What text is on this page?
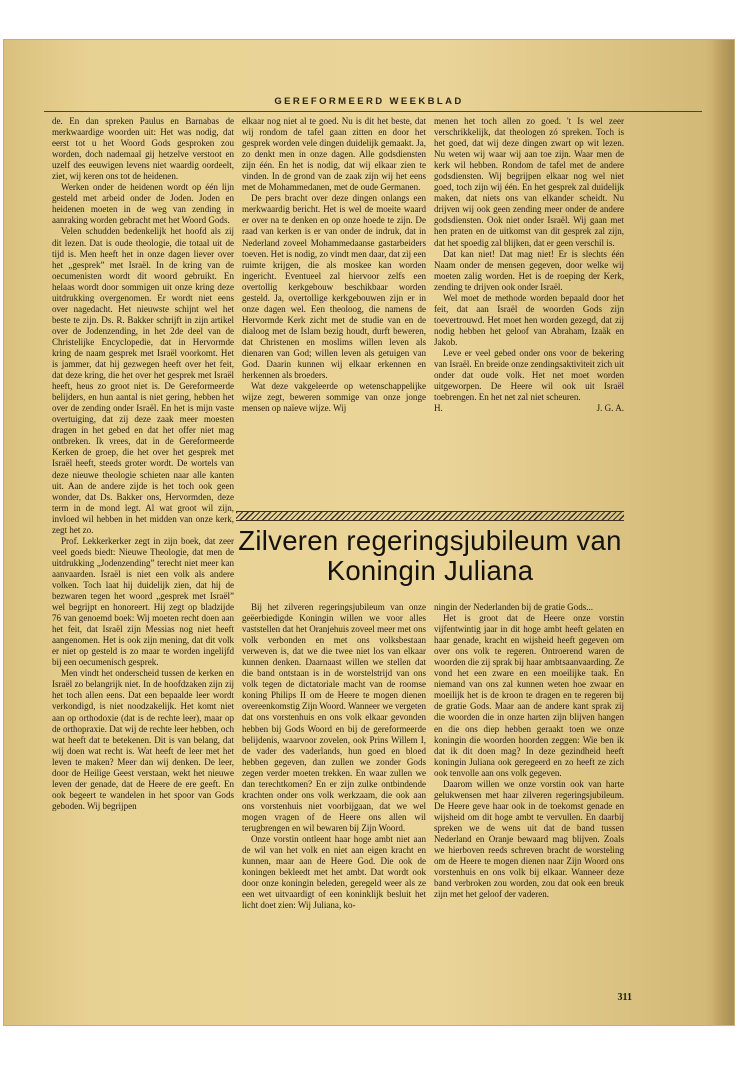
GEREFORMEERD WEEKBLAD

de. En dan spreken Paulus en Barnabas de merkwaardige woorden uit: Het was nodig, dat eerst tot u het Woord Gods gesproken zou worden, doch nademaal gij hetzelve verstoot en uzelf des eeuwigen levens niet waardig oordeelt, ziet, wij keren ons tot de heidenen.

Werken onder de heidenen wordt op één lijn gesteld met arbeid onder de Joden. Joden en heidenen moeten in de weg van zending in aanraking worden gebracht met het Woord Gods.

Velen schudden bedenkelijk het hoofd als zij dit lezen. Dat is oude theologie, die totaal uit de tijd is. Men heeft het in onze dagen liever over het „gesprek” met Israël. In de kring van de oecumenisten wordt dit woord gebruikt. En helaas wordt door sommigen uit onze kring deze uitdrukking overgenomen. Er wordt niet eens over nagedacht. Het nieuwste schijnt wel het beste te zijn. Ds. R. Bakker schrijft in zijn artikel over de Jodenzending, in het 2de deel van de Christelijke Encyclopedie, dat in Hervormde kring de naam gesprek met Israël voorkomt. Het is jammer, dat hij gezwegen heeft over het feit, dat deze kring, die het over het gesprek met Israël heeft, heus zo groot niet is. De Gereformeerde belijders, en hun aantal is niet gering, hebben het over de zending onder Israël. En het is mijn vaste overtuiging, dat zij deze zaak meer moesten dragen in het gebed en dat het offer niet mag ontbreken. Ik vrees, dat in de Gereformeerde Kerken de groep, die het over het gesprek met Israël heeft, steeds groter wordt. De wortels van deze nieuwe theologie schieten naar alle kanten uit. Aan de andere zijde is het toch ook geen wonder, dat Ds. Bakker ons, Hervormden, deze term in de mond legt. Al wat groot wil zijn, invloed wil hebben in het midden van onze kerk, zegt het zo.

Prof. Lekkerkerker zegt in zijn boek, dat zeer veel goeds biedt: Nieuwe Theologie, dat men de uitdrukking „Jodenzending” terecht niet meer kan aanvaarden. Israël is niet een volk als andere volken. Toch laat hij duidelijk zien, dat hij de bezwaren tegen het woord „gesprek met Israël” wel begrijpt en honoreert. Hij zegt op bladzijde 76 van genoemd boek: Wij moeten recht doen aan het feit, dat Israël zijn Messias nog niet heeft aangenomen. Het is ook zijn mening, dat dit volk er niet op gesteld is zo maar te worden ingelijfd bij een oecumenisch gesprek.

Men vindt het onderscheid tussen de kerken en Israël zo belangrijk niet. In de hoofdzaken zijn zij het toch allen eens. Dat een bepaalde leer wordt verkondigd, is niet noodzakelijk. Het komt niet aan op orthodoxie (dat is de rechte leer), maar op de orthopraxie. Dat wij de rechte leer hebben, och wat heeft dat te betekenen. Dit is van belang, dat wij doen wat recht is. Wat heeft de leer met het leven te maken? Meer dan wij denken. De leer, door de Heilige Geest verstaan, wekt het nieuwe leven der genade, dat de Heere de ere geeft. En ook begeert te wandelen in het spoor van Gods geboden. Wij begrijpen

elkaar nog niet al te goed. Nu is dit het beste, dat wij rondom de tafel gaan zitten en door het gesprek worden vele dingen duidelijk gemaakt. Ja, zo denkt men in onze dagen. Alle godsdiensten zijn één. En het is nodig, dat wij elkaar zien te vinden. In de grond van de zaak zijn wij het eens met de Mohammedanen, met de oude Germanen.

De pers bracht over deze dingen onlangs een merkwaardig bericht. Het is wel de moeite waard er over na te denken en op onze hoede te zijn. De raad van kerken is er van onder de indruk, dat in Nederland zoveel Mohammedaanse gastarbeiders toeven. Het is nodig, zo vindt men daar, dat zij een ruimte krijgen, die als moskee kan worden ingericht. Eventueel zal hiervoor zelfs een overtollig kerkgebouw beschikbaar worden gesteld. Ja, overtollige kerkgebouwen zijn er in onze dagen wel. Een theoloog, die namens de Hervormde Kerk zicht met de studie van en de dialoog met de Islam bezig houdt, durft beweren, dat Christenen en moslims willen leven als dienaren van God; willen leven als getuigen van God. Daarin kunnen wij elkaar erkennen en herkennen als broeders.

Wat deze vakgeleerde op wetenschappelijke wijze zegt, beweren sommige van onze jonge mensen op naïeve wijze. Wij

menen het toch allen zo goed. 't Is wel zeer verschrikkelijk, dat theologen zó spreken. Toch is het goed, dat wij deze dingen zwart op wit lezen. Nu weten wij waar wij aan toe zijn. Waar men de kerk wil hebben. Rondom de tafel met de andere godsdiensten. Wij begrijpen elkaar nog wel niet goed, toch zijn wij één. En het gesprek zal duidelijk maken, dat niets ons van elkander scheidt. Nu drijven wij ook geen zending meer onder de andere godsdiensten. Ook niet onder Israël. Wij gaan met hen praten en de uitkomst van dit gesprek zal zijn, dat het spoedig zal blijken, dat er geen verschil is.

Dat kan niet! Dat mag niet! Er is slechts één Naam onder de mensen gegeven, door welke wij moeten zalig worden. Het is de roeping der Kerk, zending te drijven ook onder Israël.

Wel moet de methode worden bepaald door het feit, dat aan Israël de woorden Gods zijn toevertrouwd. Het moet hen worden gezegd, dat zij nodig hebben het geloof van Abraham, Izaäk en Jakob.

Leve er veel gebed onder ons voor de bekering van Israël. En breide onze zendingsaktiviteit zich uit onder dat oude volk. Het net moet worden uitgeworpen. De Heere wil ook uit Israël toebrengen. En het net zal niet scheuren.

H.	J. G. A.
Zilveren regeringsjubileum van
Koningin Juliana

Bij het zilveren regeringsjubileum van onze geëerbiedigde Koningin willen we voor alles vaststellen dat het Oranjehuis zoveel meer met ons volk verbonden en met ons volksbestaan verweven is, dat we die twee niet los van elkaar kunnen denken. Daarnaast willen we stellen dat die band ontstaan is in de worstelstrijd van ons volk tegen de dictatoriale macht van de roomse koning Philips II om de Heere te mogen dienen overeenkomstig Zijn Woord. Wanneer we vergeten dat ons vorstenhuis en ons volk elkaar gevonden hebben bij Gods Woord en bij de gereformeerde belijdenis, waarvoor zovelen, ook Prins Willem I, de vader des vaderlands, hun goed en bloed hebben gegeven, dan zullen we zonder Gods zegen verder moeten trekken. En waar zullen we dan terechtkomen? En er zijn zulke ontbindende krachten onder ons volk werkzaam, die ook aan ons vorstenhuis niet voorbijgaan, dat we wel mogen vragen of de Heere ons allen wil terugbrengen en wil bewaren bij Zijn Woord.

Onze vorstin ontleent haar hoge ambt niet aan de wil van het volk en niet aan eigen kracht en kunnen, maar aan de Heere God. Die ook de koningen bekleedt met het ambt. Dat wordt ook door onze koningin beleden, geregeld weer als ze een wet uitvaardigt of een koninklijk besluit het licht doet zien: Wij Juliana, ko-

ningin der Nederlanden bij de gratie Gods...

Het is groot dat de Heere onze vorstin vijfentwintig jaar in dit hoge ambt heeft gelaten en haar genade, kracht en wijsheid heeft gegeven om over ons volk te regeren. Ontroerend waren de woorden die zij sprak bij haar ambtsaanvaarding. Ze vond het een zware en een moeilijke taak. En niemand van ons zal kunnen weten hoe zwaar en moeilijk het is de kroon te dragen en te regeren bij de gratie Gods. Maar aan de andere kant sprak zij die woorden die in onze harten zijn blijven hangen en die ons diep hebben geraakt toen we onze koningin die woorden hoorden zeggen: Wie ben ik dat ik dit doen mag? In deze gezindheid heeft koningin Juliana ook geregeerd en zo heeft ze zich ook tenvolle aan ons volk gegeven.

Daarom willen we onze vorstin ook van harte gelukwensen met haar zilveren regeringsjubileum. De Heere geve haar ook in de toekomst genade en wijsheid om dit hoge ambt te vervullen. En daarbij spreken we de wens uit dat de band tussen Nederland en Oranje bewaard mag blijven. Zoals we hierboven reeds schreven bracht de worsteling om de Heere te mogen dienen naar Zijn Woord ons vorstenhuis en ons volk bij elkaar. Wanneer deze band verbroken zou worden, zou dat ook een breuk zijn met het geloof der vaderen.

311
